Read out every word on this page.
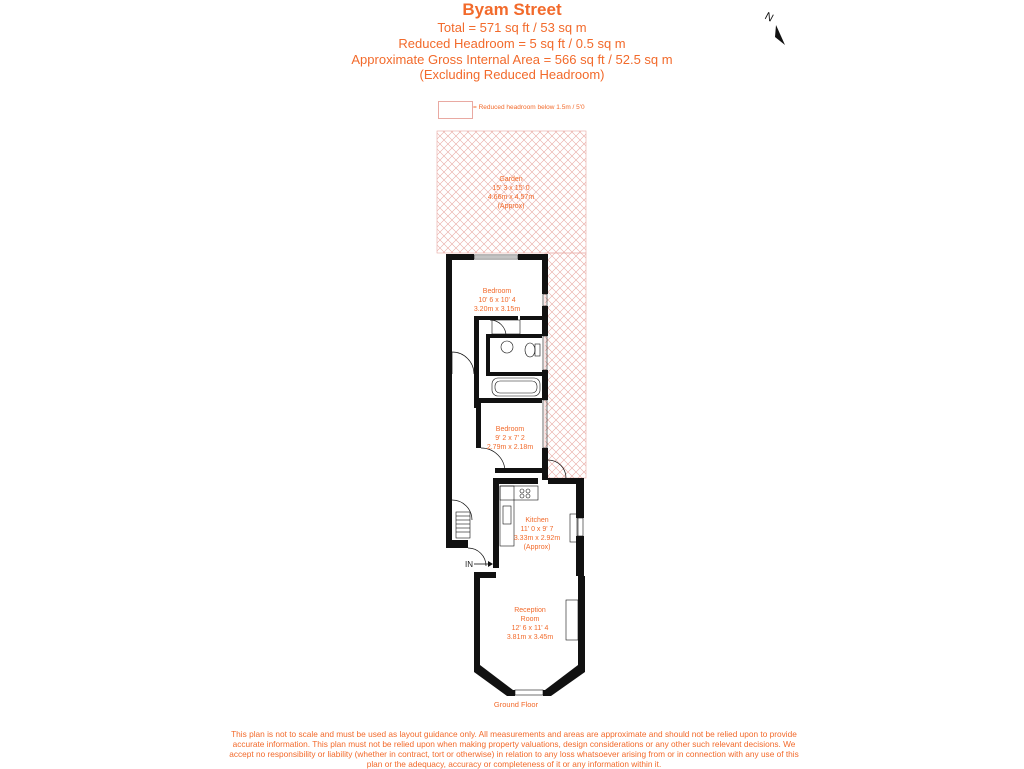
Byam Street
Total = 571 sq ft / 53 sq m
Reduced Headroom = 5 sq ft / 0.5 sq m
Approximate Gross Internal Area = 566 sq ft / 52.5 sq m
(Excluding Reduced Headroom)
= Reduced headroom below 1.5m / 5'0
N
Garden
15' 3 x 15' 0
4.66m x 4.57m
(Approx)
Bedroom
10' 6 x 10' 4
3.20m x 3.15m
Bedroom
9' 2 x 7' 2
2.79m x 2.18m
Kitchen
11' 0 x 9' 7
3.33m x 2.92m
(Approx)
Reception
Room
12' 6 x 11' 4
3.81m x 3.45m
IN
Ground Floor
This plan is not to scale and must be used as layout guidance only. All measurements and areas are approximate and should not be relied upon to provide accurate information. This plan must not be relied upon when making property valuations, design considerations or any other such relevant decisions. We accept no responsibility or liability (whether in contract, tort or otherwise) in relation to any loss whatsoever arising from or in connection with any use of this plan or the adequacy, accuracy or completeness of it or any information within it.
